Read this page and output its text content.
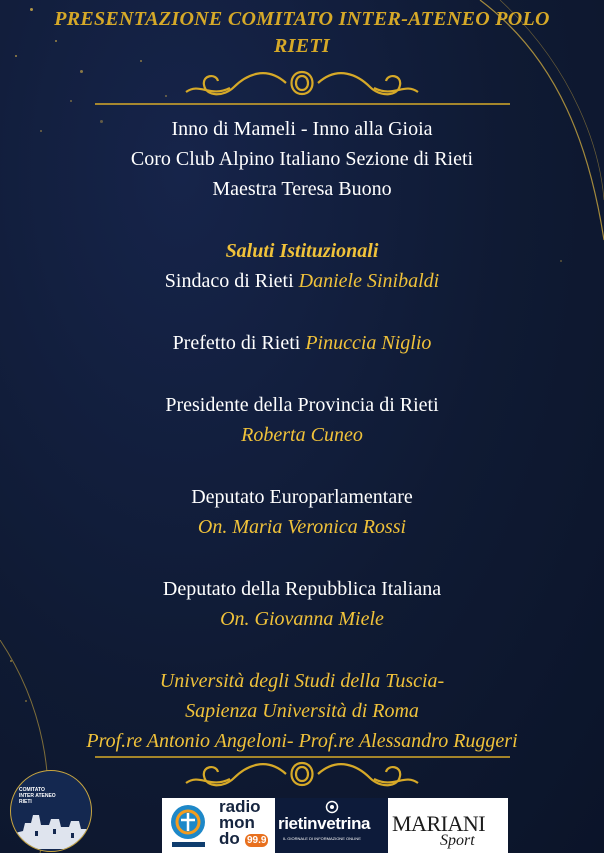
PRESENTAZIONE COMITATO INTER-ATENEO POLO
RIETI
Inno di Mameli - Inno alla Gioia
Coro Club Alpino Italiano Sezione di Rieti
Maestra Teresa Buono
Saluti Istituzionali
Sindaco di Rieti Daniele Sinibaldi
Prefetto di Rieti Pinuccia Niglio
Presidente della Provincia di Rieti
Roberta Cuneo
Deputato Europarlamentare
On. Maria Veronica Rossi
Deputato della Repubblica Italiana
On. Giovanna Miele
Università degli Studi della Tuscia-
Sapienza Università di Roma
Prof.re Antonio Angeloni- Prof.re Alessandro Ruggeri
COMITATO INTER ATENEO RIETI	radio
mon
do 99.9
rietinvetrina
IL GIORNALE DI INFORMAZIONE ONLINE
MARIANI
Sport
